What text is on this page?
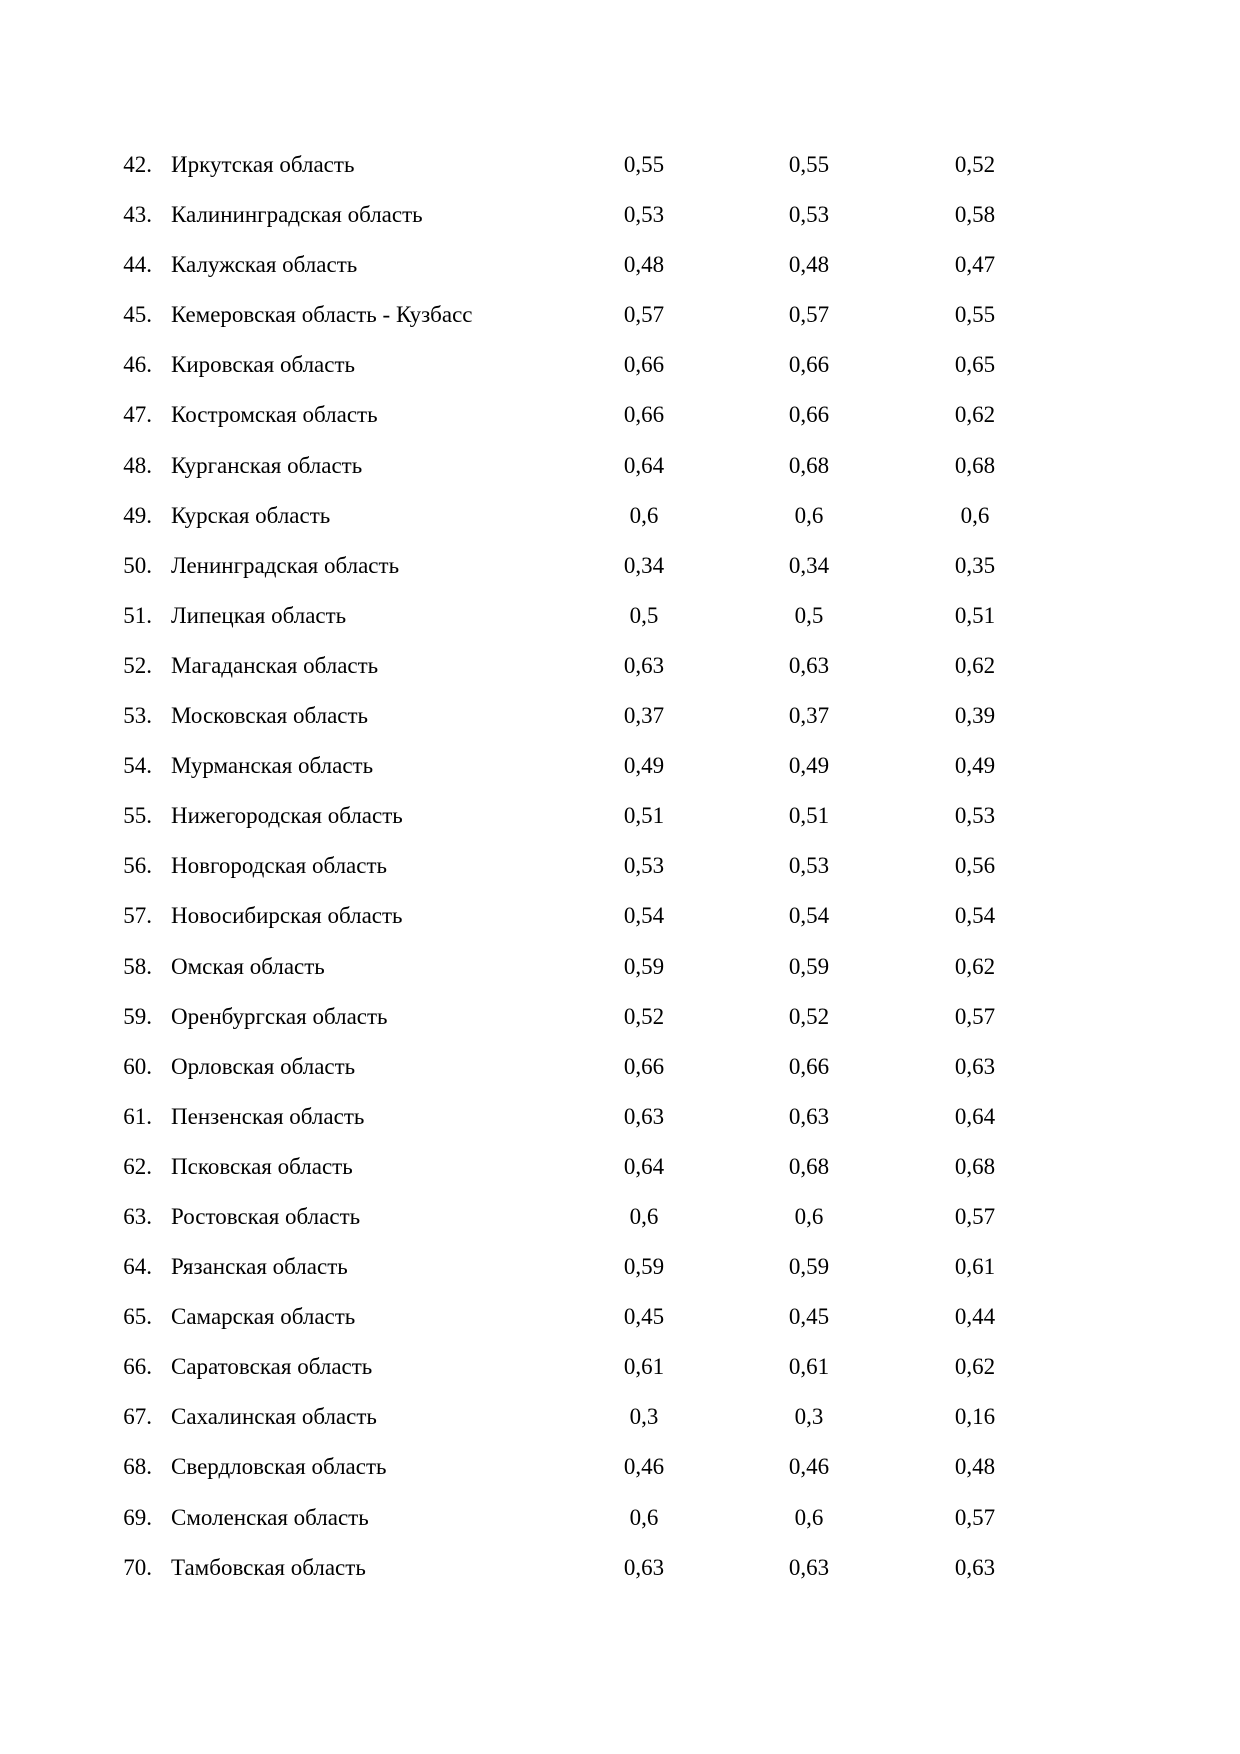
42. Иркутская область	0,55	0,55	0,52
43. Калининградская область	0,53	0,53	0,58
44. Калужская область	0,48	0,48	0,47
45. Кемеровская область - Кузбасс	0,57	0,57	0,55
46. Кировская область	0,66	0,66	0,65
47. Костромская область	0,66	0,66	0,62
48. Курганская область	0,64	0,68	0,68
49. Курская область	0,6	0,6	0,6
50. Ленинградская область	0,34	0,34	0,35
51. Липецкая область	0,5	0,5	0,51
52. Магаданская область	0,63	0,63	0,62
53. Московская область	0,37	0,37	0,39
54. Мурманская область	0,49	0,49	0,49
55. Нижегородская область	0,51	0,51	0,53
56. Новгородская область	0,53	0,53	0,56
57. Новосибирская область	0,54	0,54	0,54
58. Омская область	0,59	0,59	0,62
59. Оренбургская область	0,52	0,52	0,57
60. Орловская область	0,66	0,66	0,63
61. Пензенская область	0,63	0,63	0,64
62. Псковская область	0,64	0,68	0,68
63. Ростовская область	0,6	0,6	0,57
64. Рязанская область	0,59	0,59	0,61
65. Самарская область	0,45	0,45	0,44
66. Саратовская область	0,61	0,61	0,62
67. Сахалинская область	0,3	0,3	0,16
68. Свердловская область	0,46	0,46	0,48
69. Смоленская область	0,6	0,6	0,57
70. Тамбовская область	0,63	0,63	0,63
